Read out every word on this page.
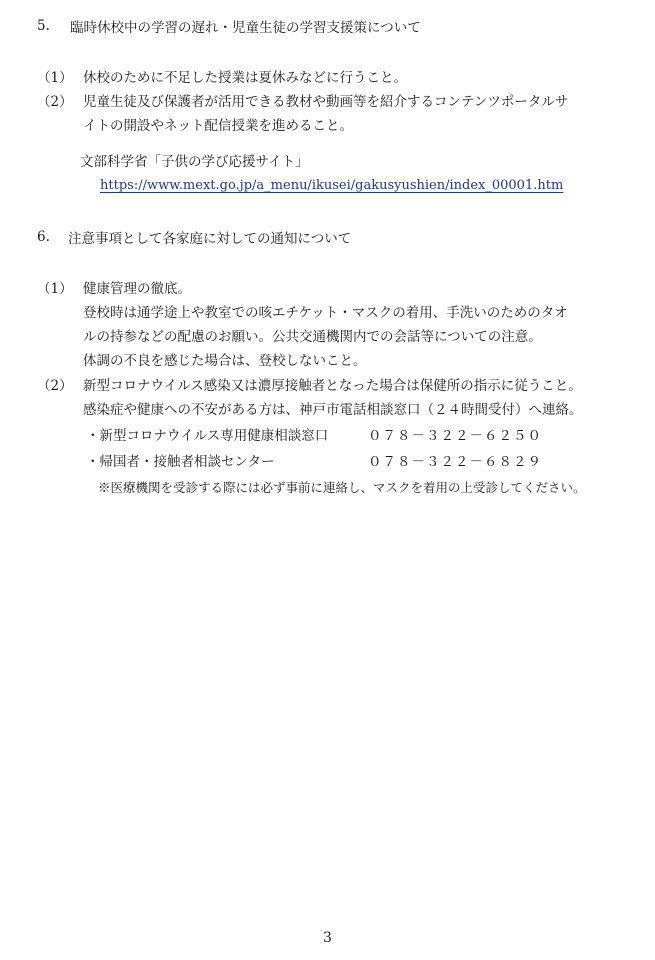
5. 臨時休校中の学習の遅れ・児童生徒の学習支援策について
（1） 休校のために不足した授業は夏休みなどに行うこと。
（2） 児童生徒及び保護者が活用できる教材や動画等を紹介するコンテンツポータルサ
イトの開設やネット配信授業を進めること。
文部科学省「子供の学び応援サイト」
https://www.mext.go.jp/a_menu/ikusei/gakusyushien/index_00001.htm
6. 注意事項として各家庭に対しての通知について
（1） 健康管理の徹底。
登校時は通学途上や教室での咳エチケット・マスクの着用、手洗いのためのタオ
ルの持参などの配慮のお願い。公共交通機関内での会話等についての注意。
体調の不良を感じた場合は、登校しないこと。
（2） 新型コロナウイルス感染又は濃厚接触者となった場合は保健所の指示に従うこと。
感染症や健康への不安がある方は、神戸市電話相談窓口（２４時間受付）へ連絡。
・新型コロナウイルス専用健康相談窓口	０７８－３２２－６２５０
・帰国者・接触者相談センター	０７８－３２２－６８２９
※医療機関を受診する際には必ず事前に連絡し、マスクを着用の上受診してください。
3
